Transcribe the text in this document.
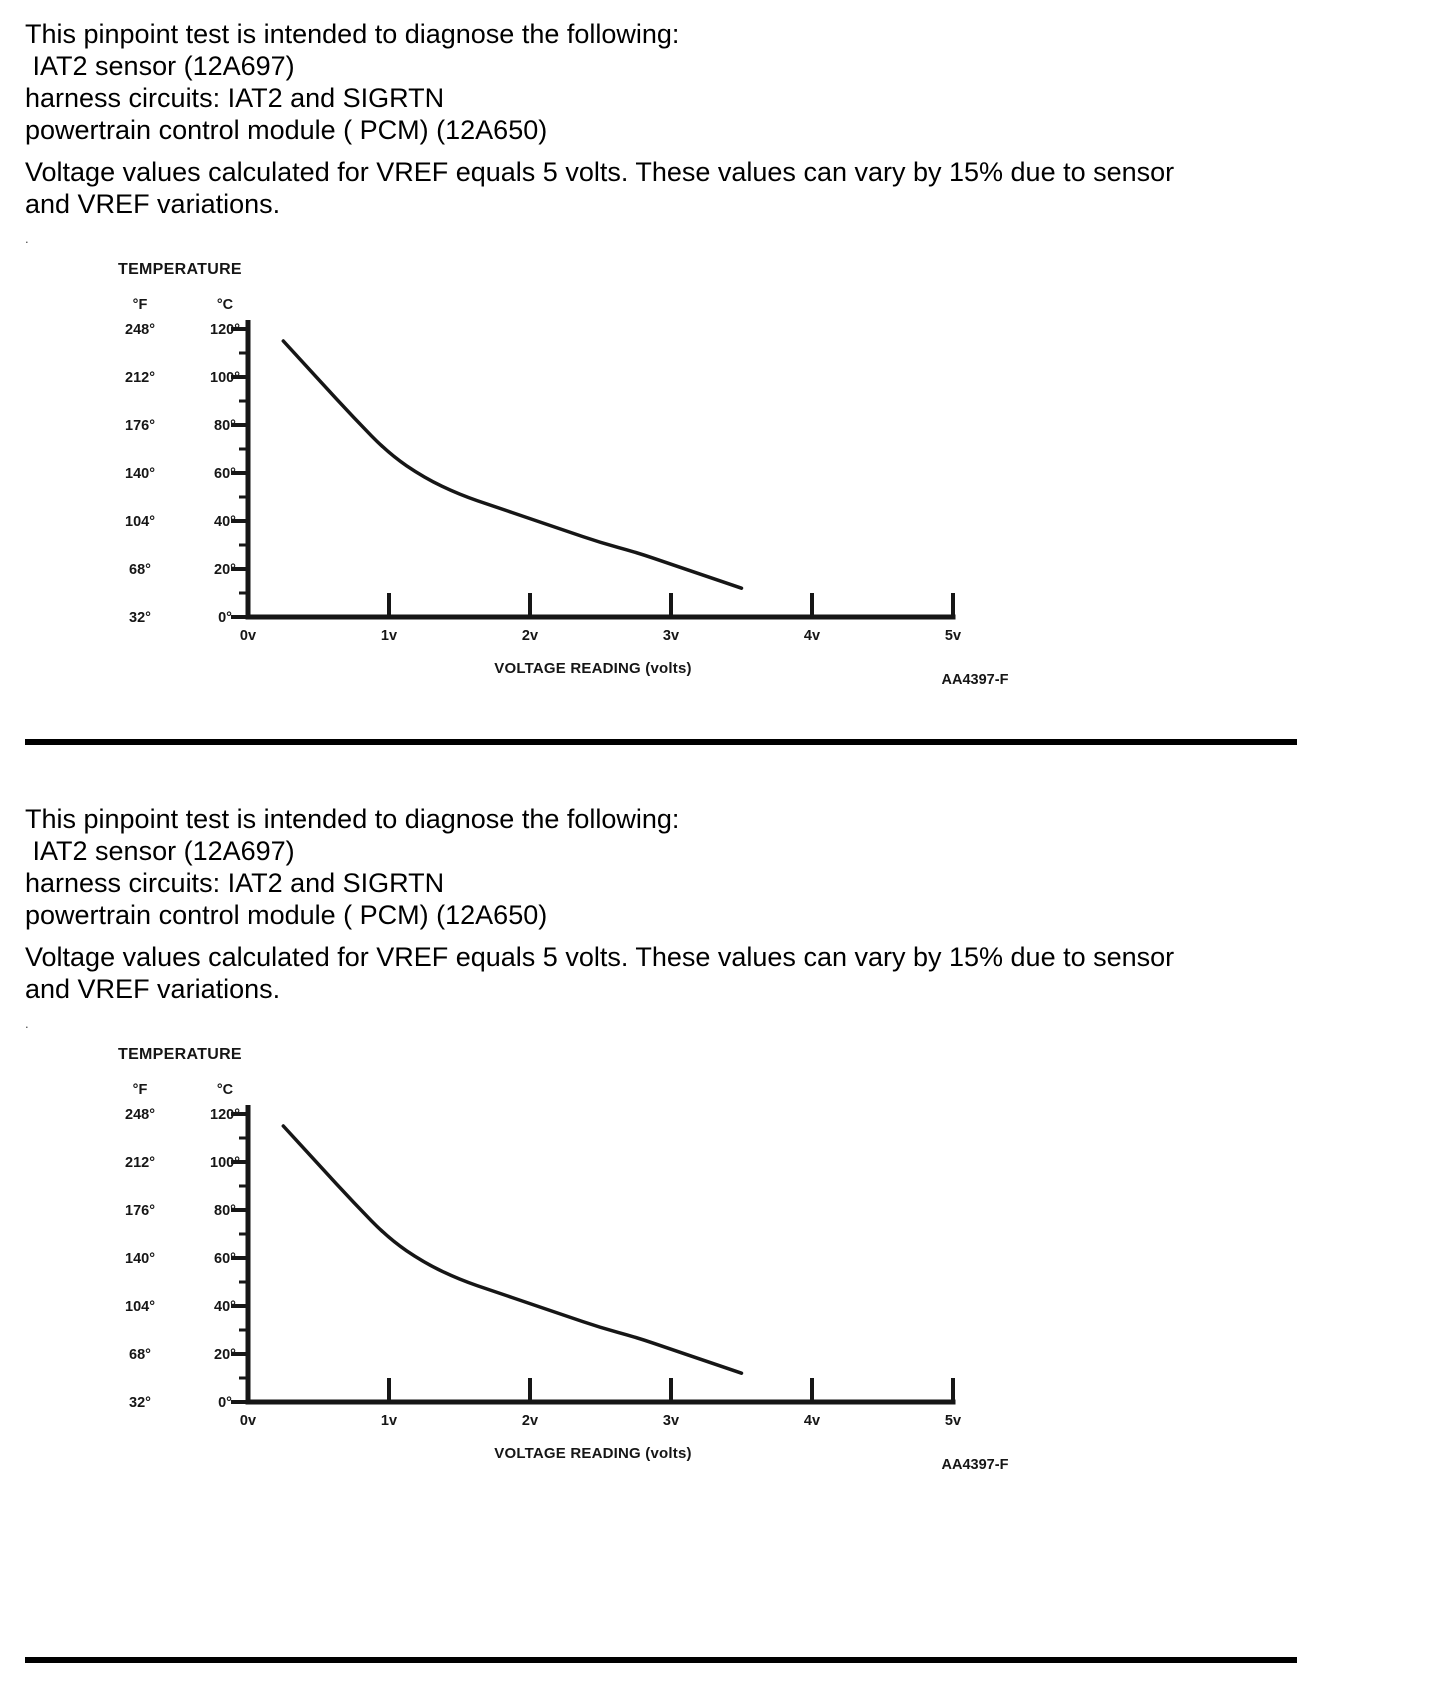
This pinpoint test is intended to diagnose the following:
IAT2 sensor (12A697)
harness circuits: IAT2 and SIGRTN
powertrain control module ( PCM) (12A650)
Voltage values calculated for VREF equals 5 volts. These values can vary by 15% due to sensor
and VREF variations.
.
TEMPERATURE
°F	°C
248°	120°
212°	100°
176°	80°
140°	60°
104°	40°
68°	20°
32°	0°
0v	1v	2v	3v	4v	5v
VOLTAGE READING (volts)
AA4397-F
This pinpoint test is intended to diagnose the following:
IAT2 sensor (12A697)
harness circuits: IAT2 and SIGRTN
powertrain control module ( PCM) (12A650)
Voltage values calculated for VREF equals 5 volts. These values can vary by 15% due to sensor
and VREF variations.
.
TEMPERATURE
°F	°C
248°	120°
212°	100°
176°	80°
140°	60°
104°	40°
68°	20°
32°	0°
0v	1v	2v	3v	4v	5v
VOLTAGE READING (volts)
AA4397-F
